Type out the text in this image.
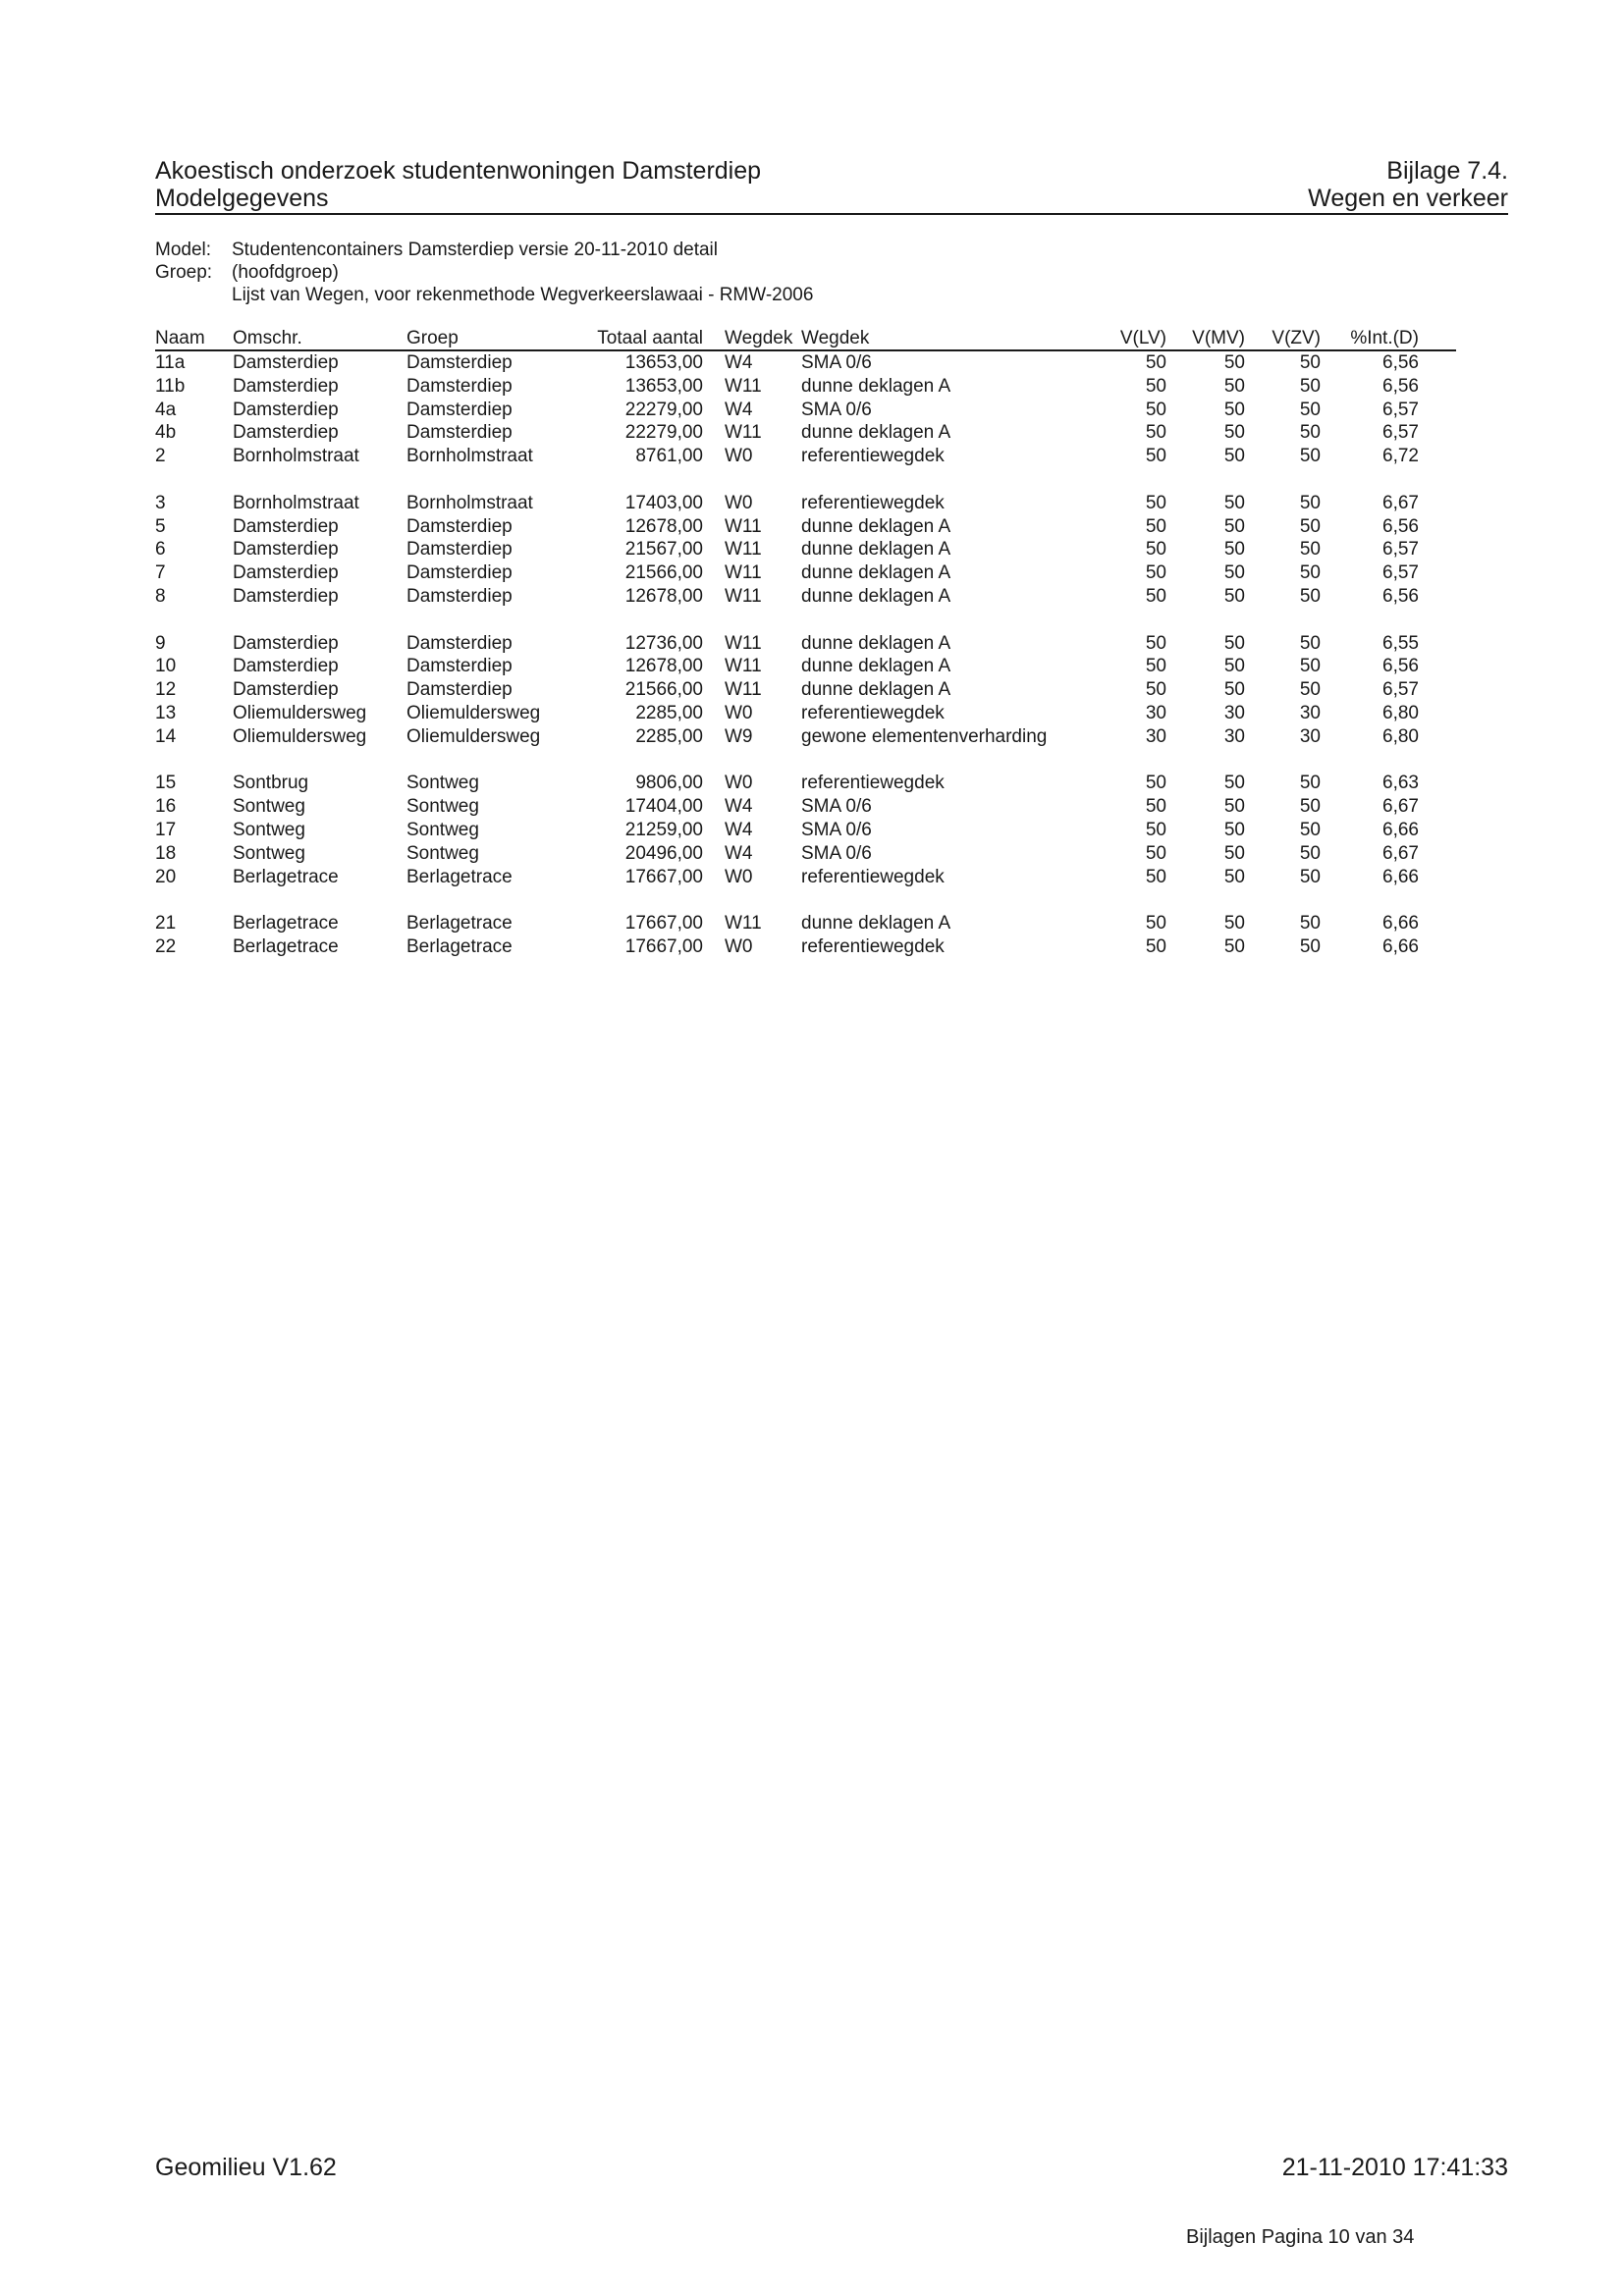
Akoestisch onderzoek studentenwoningen Damsterdiep	Bijlage 7.4.
Modelgegevens	Wegen en verkeer
Model:	Studentencontainers Damsterdiep versie 20-11-2010 detail
Groep:	(hoofdgroep)
Lijst van Wegen, voor rekenmethode Wegverkeerslawaai - RMW-2006
Naam	Omschr.	Groep	Totaal aantal	Wegdek	Wegdek	V(LV)	V(MV)	V(ZV)	%Int.(D)	
11a	Damsterdiep	Damsterdiep	13653,00	W4	SMA 0/6	50	50	50	6,56	
11b	Damsterdiep	Damsterdiep	13653,00	W11	dunne deklagen A	50	50	50	6,56	
4a	Damsterdiep	Damsterdiep	22279,00	W4	SMA 0/6	50	50	50	6,57	
4b	Damsterdiep	Damsterdiep	22279,00	W11	dunne deklagen A	50	50	50	6,57	
2	Bornholmstraat	Bornholmstraat	8761,00	W0	referentiewegdek	50	50	50	6,72	

3	Bornholmstraat	Bornholmstraat	17403,00	W0	referentiewegdek	50	50	50	6,67	
5	Damsterdiep	Damsterdiep	12678,00	W11	dunne deklagen A	50	50	50	6,56	
6	Damsterdiep	Damsterdiep	21567,00	W11	dunne deklagen A	50	50	50	6,57	
7	Damsterdiep	Damsterdiep	21566,00	W11	dunne deklagen A	50	50	50	6,57	
8	Damsterdiep	Damsterdiep	12678,00	W11	dunne deklagen A	50	50	50	6,56	

9	Damsterdiep	Damsterdiep	12736,00	W11	dunne deklagen A	50	50	50	6,55	
10	Damsterdiep	Damsterdiep	12678,00	W11	dunne deklagen A	50	50	50	6,56	
12	Damsterdiep	Damsterdiep	21566,00	W11	dunne deklagen A	50	50	50	6,57	
13	Oliemuldersweg	Oliemuldersweg	2285,00	W0	referentiewegdek	30	30	30	6,80	
14	Oliemuldersweg	Oliemuldersweg	2285,00	W9	gewone elementenverharding	30	30	30	6,80	

15	Sontbrug	Sontweg	9806,00	W0	referentiewegdek	50	50	50	6,63	
16	Sontweg	Sontweg	17404,00	W4	SMA 0/6	50	50	50	6,67	
17	Sontweg	Sontweg	21259,00	W4	SMA 0/6	50	50	50	6,66	
18	Sontweg	Sontweg	20496,00	W4	SMA 0/6	50	50	50	6,67	
20	Berlagetrace	Berlagetrace	17667,00	W0	referentiewegdek	50	50	50	6,66	

21	Berlagetrace	Berlagetrace	17667,00	W11	dunne deklagen A	50	50	50	6,66	
22	Berlagetrace	Berlagetrace	17667,00	W0	referentiewegdek	50	50	50	6,66	
Geomilieu V1.62	21-11-2010 17:41:33
Bijlagen Pagina 10 van 34
